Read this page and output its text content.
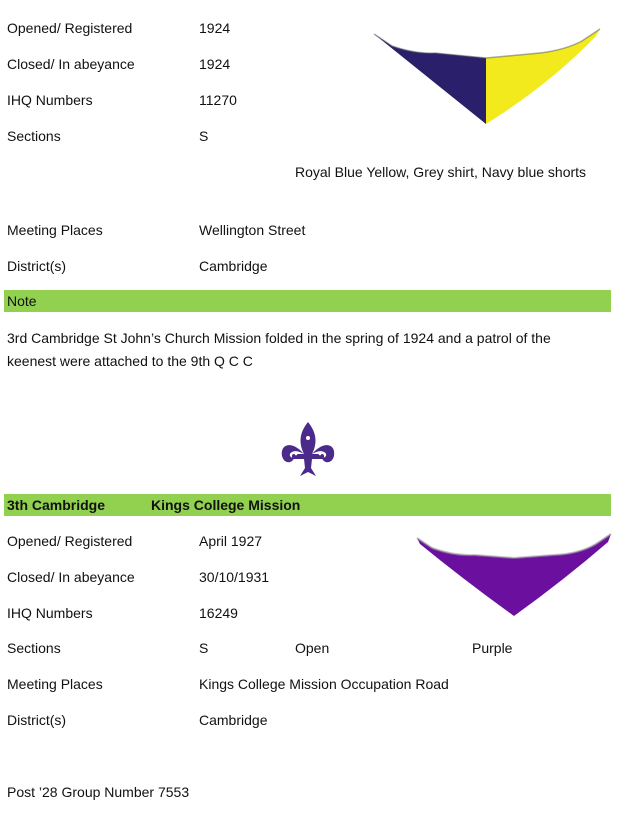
Opened/ Registered	1924
Closed/ In abeyance	1924
IHQ Numbers	11270
Sections	S
Royal Blue Yellow, Grey shirt, Navy blue shorts
Meeting Places	Wellington Street
District(s)	Cambridge
Note
3rd Cambridge St John’s Church Mission folded in the spring of 1924 and a patrol of the keenest were attached to the 9th Q C C
3th Cambridge	Kings College Mission
Opened/ Registered	April 1927
Closed/ In abeyance	30/10/1931
IHQ Numbers	16249
Sections	S	Open	Purple
Meeting Places	Kings College Mission Occupation Road
District(s)	Cambridge
Post ’28 Group Number 7553
